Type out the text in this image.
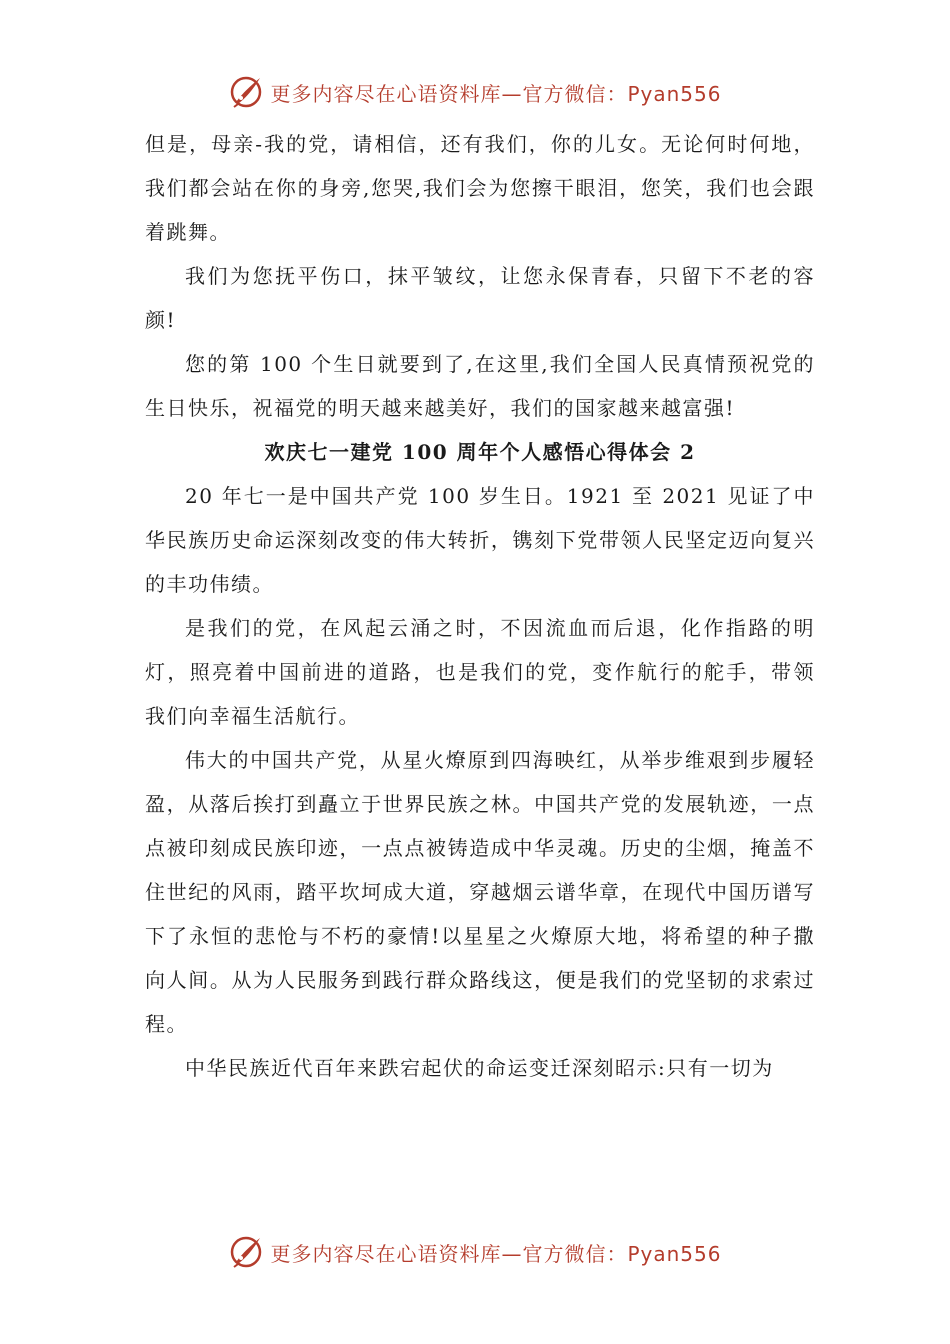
更多内容尽在心语资料库—官方微信：Pyan556

但是，母亲-我的党，请相信，还有我们，你的儿女。无论何时何地， 我们都会站在你的身旁,您哭,我们会为您擦干眼泪，您笑，我们也会跟着跳舞。

我们为您抚平伤口，抹平皱纹，让您永保青春，只留下不老的容颜!

您的第 100 个生日就要到了,在这里,我们全国人民真情预祝党的生日快乐，祝福党的明天越来越美好，我们的国家越来越富强!

欢庆七一建党 100 周年个人感悟心得体会 2

20 年七一是中国共产党 100 岁生日。1921 至 2021 见证了中华民族历史命运深刻改变的伟大转折，镌刻下党带领人民坚定迈向复兴的丰功伟绩。

是我们的党，在风起云涌之时，不因流血而后退，化作指路的明 灯，照亮着中国前进的道路，也是我们的党，变作航行的舵手，带领 我们向幸福生活航行。

伟大的中国共产党，从星火燎原到四海映红，从举步维艰到步履轻盈，从落后挨打到矗立于世界民族之林。中国共产党的发展轨迹，一点点被印刻成民族印迹，一点点被铸造成中华灵魂。历史的尘烟，掩盖不住世纪的风雨，踏平坎坷成大道，穿越烟云谱华章，在现代中国历谱写下了永恒的悲怆与不朽的豪情!以星星之火燎原大地，将希望的种子撒向人间。从为人民服务到践行群众路线这，便是我们的党坚韧的求索过程。

中华民族近代百年来跌宕起伏的命运变迁深刻昭示:只有一切为

更多内容尽在心语资料库—官方微信：Pyan556
